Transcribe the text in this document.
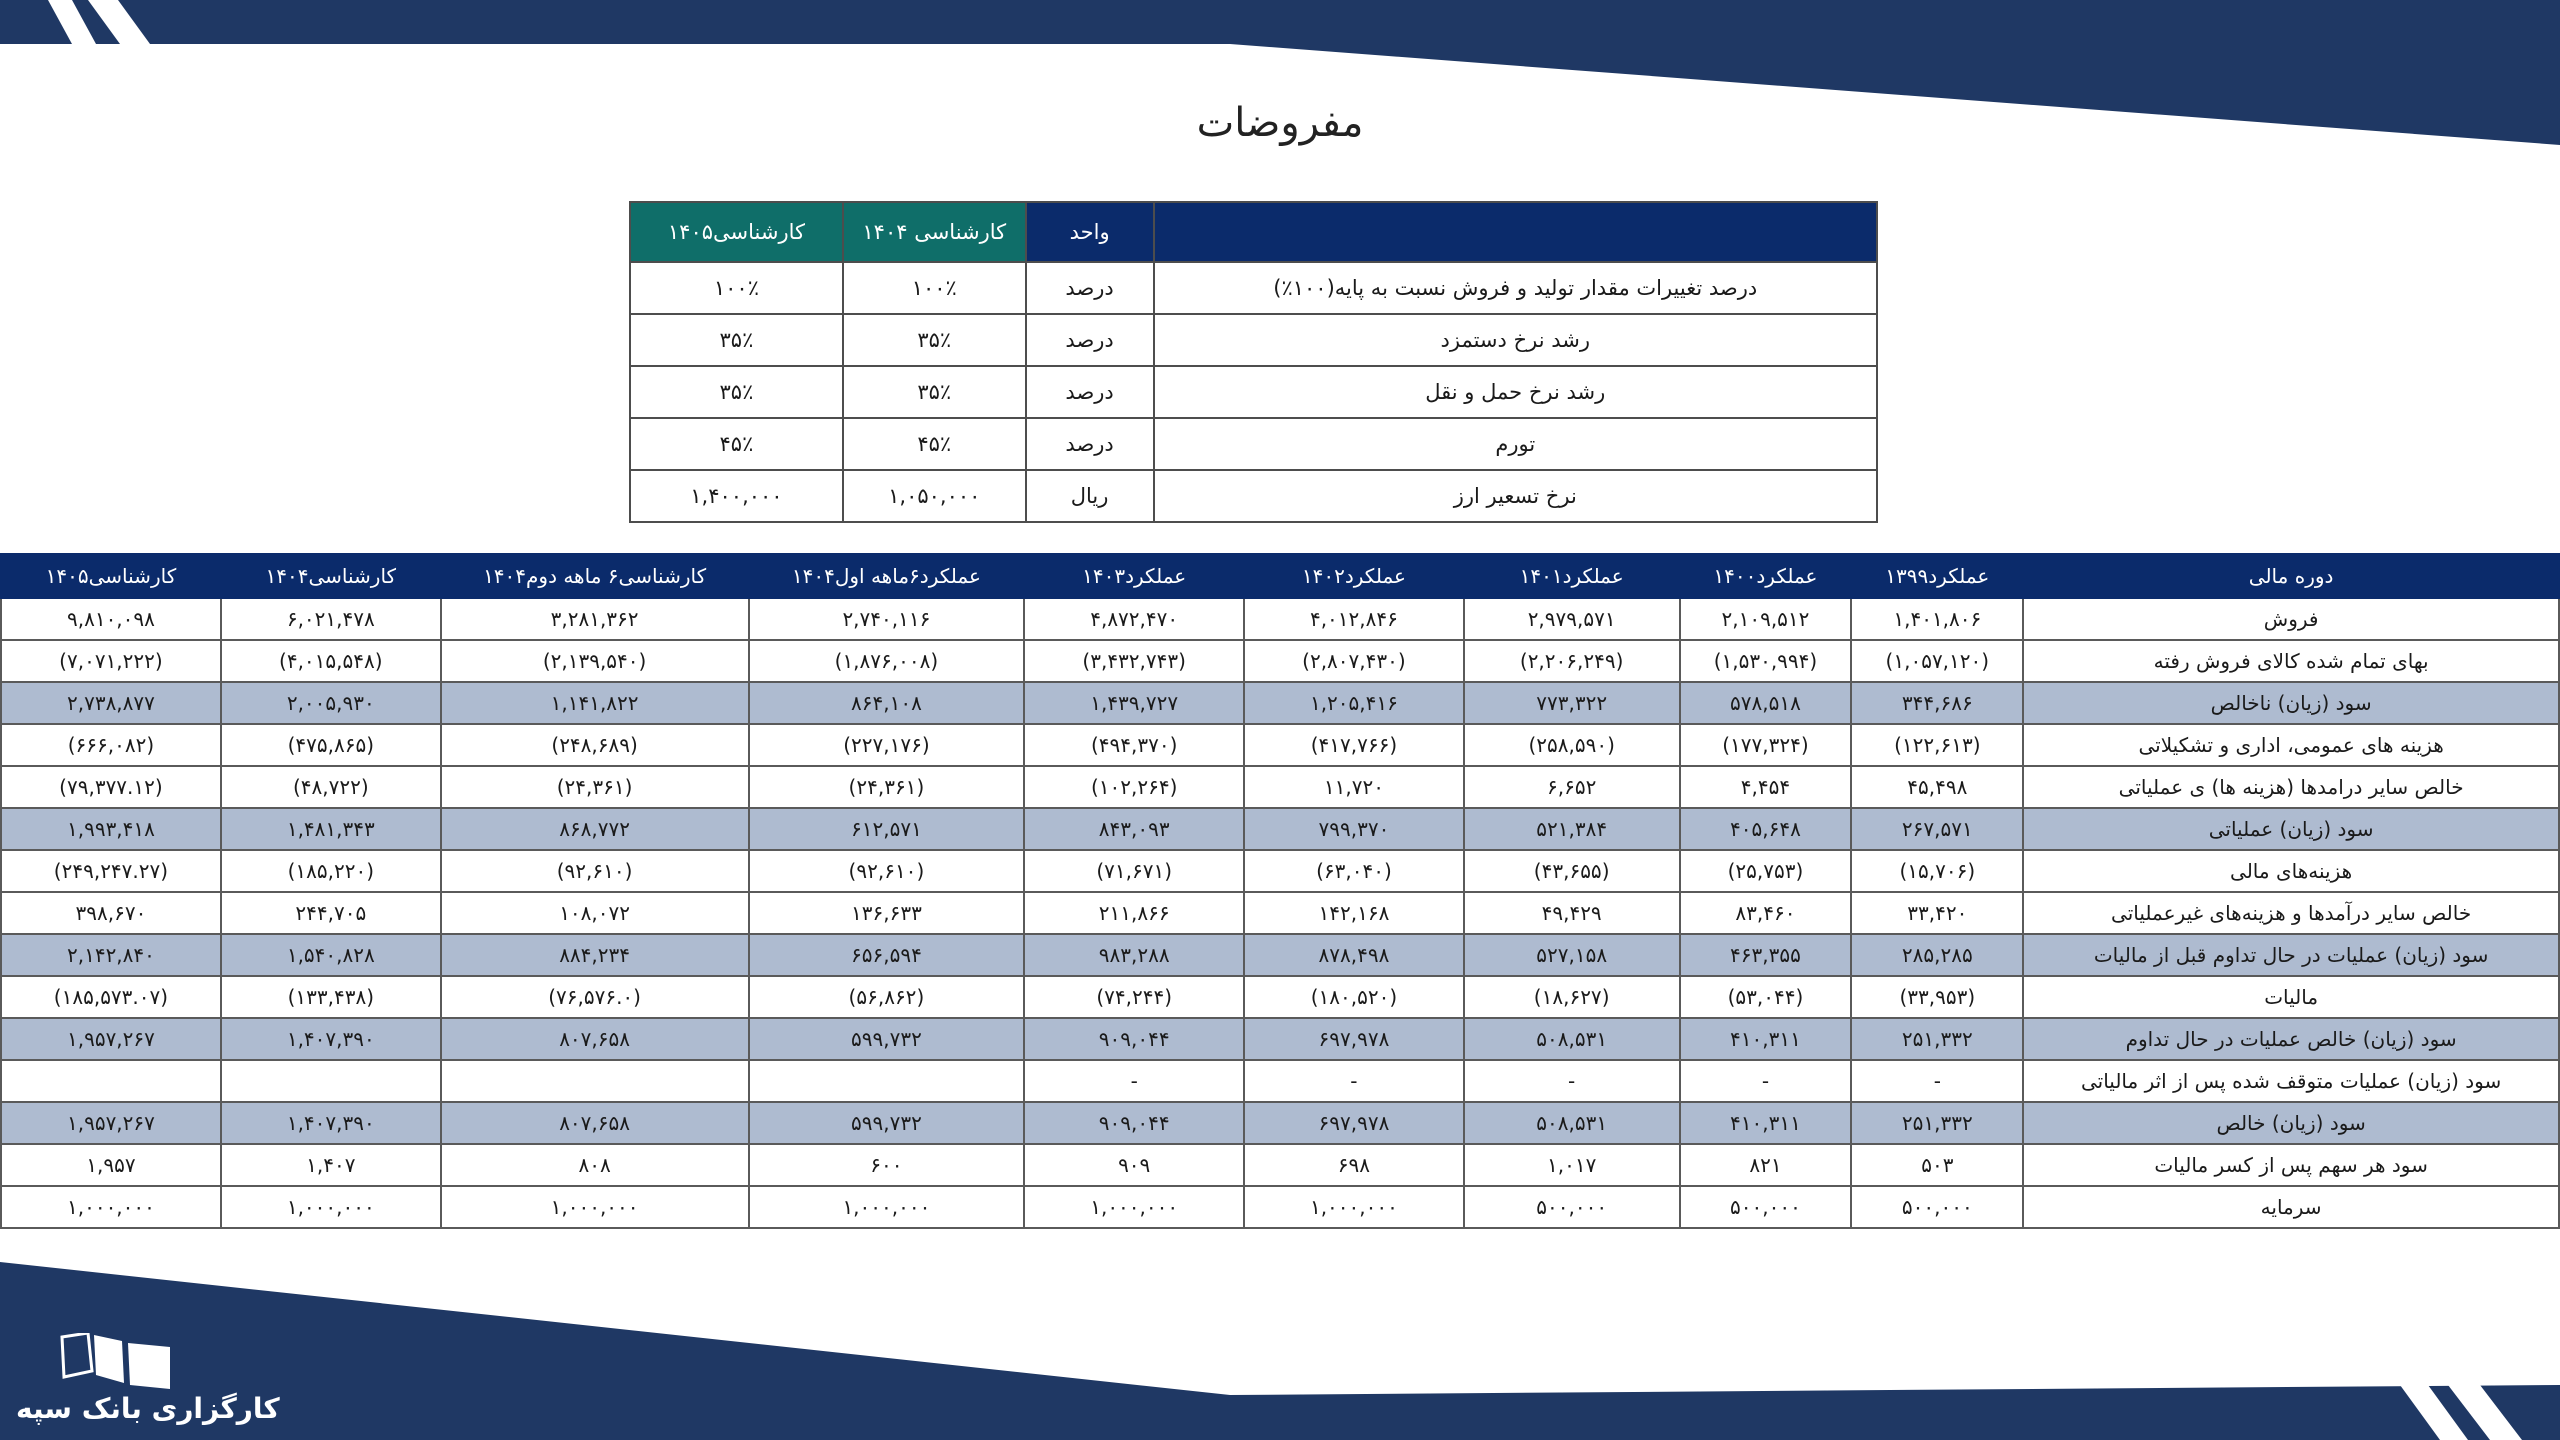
مفروضات
	واحد	کارشناسی ۱۴۰۴	کارشناسی۱۴۰۵
درصد تغییرات مقدار تولید و فروش نسبت به پایه(۱۰۰٪)	درصد	۱۰۰٪	۱۰۰٪
رشد نرخ دستمزد	درصد	۳۵٪	۳۵٪
رشد نرخ حمل و نقل	درصد	۳۵٪	۳۵٪
تورم	درصد	۴۵٪	۴۵٪
نرخ تسعیر ارز	ریال	۱,۰۵۰,۰۰۰	۱,۴۰۰,۰۰۰
دوره مالی	عملکرد۱۳۹۹	عملکرد۱۴۰۰	عملکرد۱۴۰۱	عملکرد۱۴۰۲	عملکرد۱۴۰۳	عملکرد۶ماهه اول۱۴۰۴	کارشناسی۶ ماهه دوم۱۴۰۴	کارشناسی۱۴۰۴	کارشناسی۱۴۰۵
فروش	۱,۴۰۱,۸۰۶	۲,۱۰۹,۵۱۲	۲,۹۷۹,۵۷۱	۴,۰۱۲,۸۴۶	۴,۸۷۲,۴۷۰	۲,۷۴۰,۱۱۶	۳,۲۸۱,۳۶۲	۶,۰۲۱,۴۷۸	۹,۸۱۰,۰۹۸
بهای تمام شده کالای فروش رفته	(۱,۰۵۷,۱۲۰)	(۱,۵۳۰,۹۹۴)	(۲,۲۰۶,۲۴۹)	(۲,۸۰۷,۴۳۰)	(۳,۴۳۲,۷۴۳)	(۱,۸۷۶,۰۰۸)	(۲,۱۳۹,۵۴۰)	(۴,۰۱۵,۵۴۸)	(۷,۰۷۱,۲۲۲)
سود (زیان) ناخالص	۳۴۴,۶۸۶	۵۷۸,۵۱۸	۷۷۳,۳۲۲	۱,۲۰۵,۴۱۶	۱,۴۳۹,۷۲۷	۸۶۴,۱۰۸	۱,۱۴۱,۸۲۲	۲,۰۰۵,۹۳۰	۲,۷۳۸,۸۷۷
هزینه های عمومی، اداری و تشکیلاتی	(۱۲۲,۶۱۳)	(۱۷۷,۳۲۴)	(۲۵۸,۵۹۰)	(۴۱۷,۷۶۶)	(۴۹۴,۳۷۰)	(۲۲۷,۱۷۶)	(۲۴۸,۶۸۹)	(۴۷۵,۸۶۵)	(۶۶۶,۰۸۲)
خالص سایر درامدها (هزینه ها) ی عملیاتی	۴۵,۴۹۸	۴,۴۵۴	۶,۶۵۲	۱۱,۷۲۰	(۱۰۲,۲۶۴)	(۲۴,۳۶۱)	(۲۴,۳۶۱)	(۴۸,۷۲۲)	(۷۹,۳۷۷.۱۲)
سود (زیان) عملیاتی	۲۶۷,۵۷۱	۴۰۵,۶۴۸	۵۲۱,۳۸۴	۷۹۹,۳۷۰	۸۴۳,۰۹۳	۶۱۲,۵۷۱	۸۶۸,۷۷۲	۱,۴۸۱,۳۴۳	۱,۹۹۳,۴۱۸
هزینه‌های مالی	(۱۵,۷۰۶)	(۲۵,۷۵۳)	(۴۳,۶۵۵)	(۶۳,۰۴۰)	(۷۱,۶۷۱)	(۹۲,۶۱۰)	(۹۲,۶۱۰)	(۱۸۵,۲۲۰)	(۲۴۹,۲۴۷.۲۷)
خالص سایر درآمدها و هزینه‌های غیرعملیاتی	۳۳,۴۲۰	۸۳,۴۶۰	۴۹,۴۲۹	۱۴۲,۱۶۸	۲۱۱,۸۶۶	۱۳۶,۶۳۳	۱۰۸,۰۷۲	۲۴۴,۷۰۵	۳۹۸,۶۷۰
سود (زیان) عملیات در حال تداوم قبل از مالیات	۲۸۵,۲۸۵	۴۶۳,۳۵۵	۵۲۷,۱۵۸	۸۷۸,۴۹۸	۹۸۳,۲۸۸	۶۵۶,۵۹۴	۸۸۴,۲۳۴	۱,۵۴۰,۸۲۸	۲,۱۴۲,۸۴۰
مالیات	(۳۳,۹۵۳)	(۵۳,۰۴۴)	(۱۸,۶۲۷)	(۱۸۰,۵۲۰)	(۷۴,۲۴۴)	(۵۶,۸۶۲)	(۷۶,۵۷۶.۰)	(۱۳۳,۴۳۸)	(۱۸۵,۵۷۳.۰۷)
سود (زیان) خالص عملیات در حال تداوم	۲۵۱,۳۳۲	۴۱۰,۳۱۱	۵۰۸,۵۳۱	۶۹۷,۹۷۸	۹۰۹,۰۴۴	۵۹۹,۷۳۲	۸۰۷,۶۵۸	۱,۴۰۷,۳۹۰	۱,۹۵۷,۲۶۷
سود (زیان) عملیات متوقف شده پس از اثر مالیاتی	-	-	-	-	-				
سود (زیان) خالص	۲۵۱,۳۳۲	۴۱۰,۳۱۱	۵۰۸,۵۳۱	۶۹۷,۹۷۸	۹۰۹,۰۴۴	۵۹۹,۷۳۲	۸۰۷,۶۵۸	۱,۴۰۷,۳۹۰	۱,۹۵۷,۲۶۷
سود هر سهم پس از کسر مالیات	۵۰۳	۸۲۱	۱,۰۱۷	۶۹۸	۹۰۹	۶۰۰	۸۰۸	۱,۴۰۷	۱,۹۵۷
سرمایه	۵۰۰,۰۰۰	۵۰۰,۰۰۰	۵۰۰,۰۰۰	۱,۰۰۰,۰۰۰	۱,۰۰۰,۰۰۰	۱,۰۰۰,۰۰۰	۱,۰۰۰,۰۰۰	۱,۰۰۰,۰۰۰	۱,۰۰۰,۰۰۰
کارگزاری بانک سپه
